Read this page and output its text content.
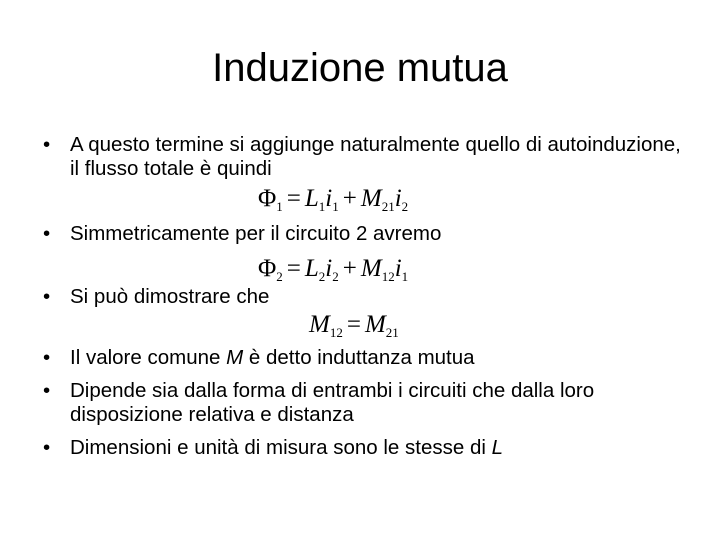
Induzione mutua
• A questo termine si aggiunge naturalmente quello di autoinduzione, il flusso totale è quindi
$\Phi_1 = L_1i_1 + M_{21}i_2$
• Simmetricamente per il circuito 2 avremo
$\Phi_2 = L_2i_2 + M_{12}i_1$
• Si può dimostrare che
$M_{12} = M_{21}$
• Il valore comune M è detto induttanza mutua
• Dipende sia dalla forma di entrambi i circuiti che dalla loro disposizione relativa e distanza
• Dimensioni e unità di misura sono le stesse di L
